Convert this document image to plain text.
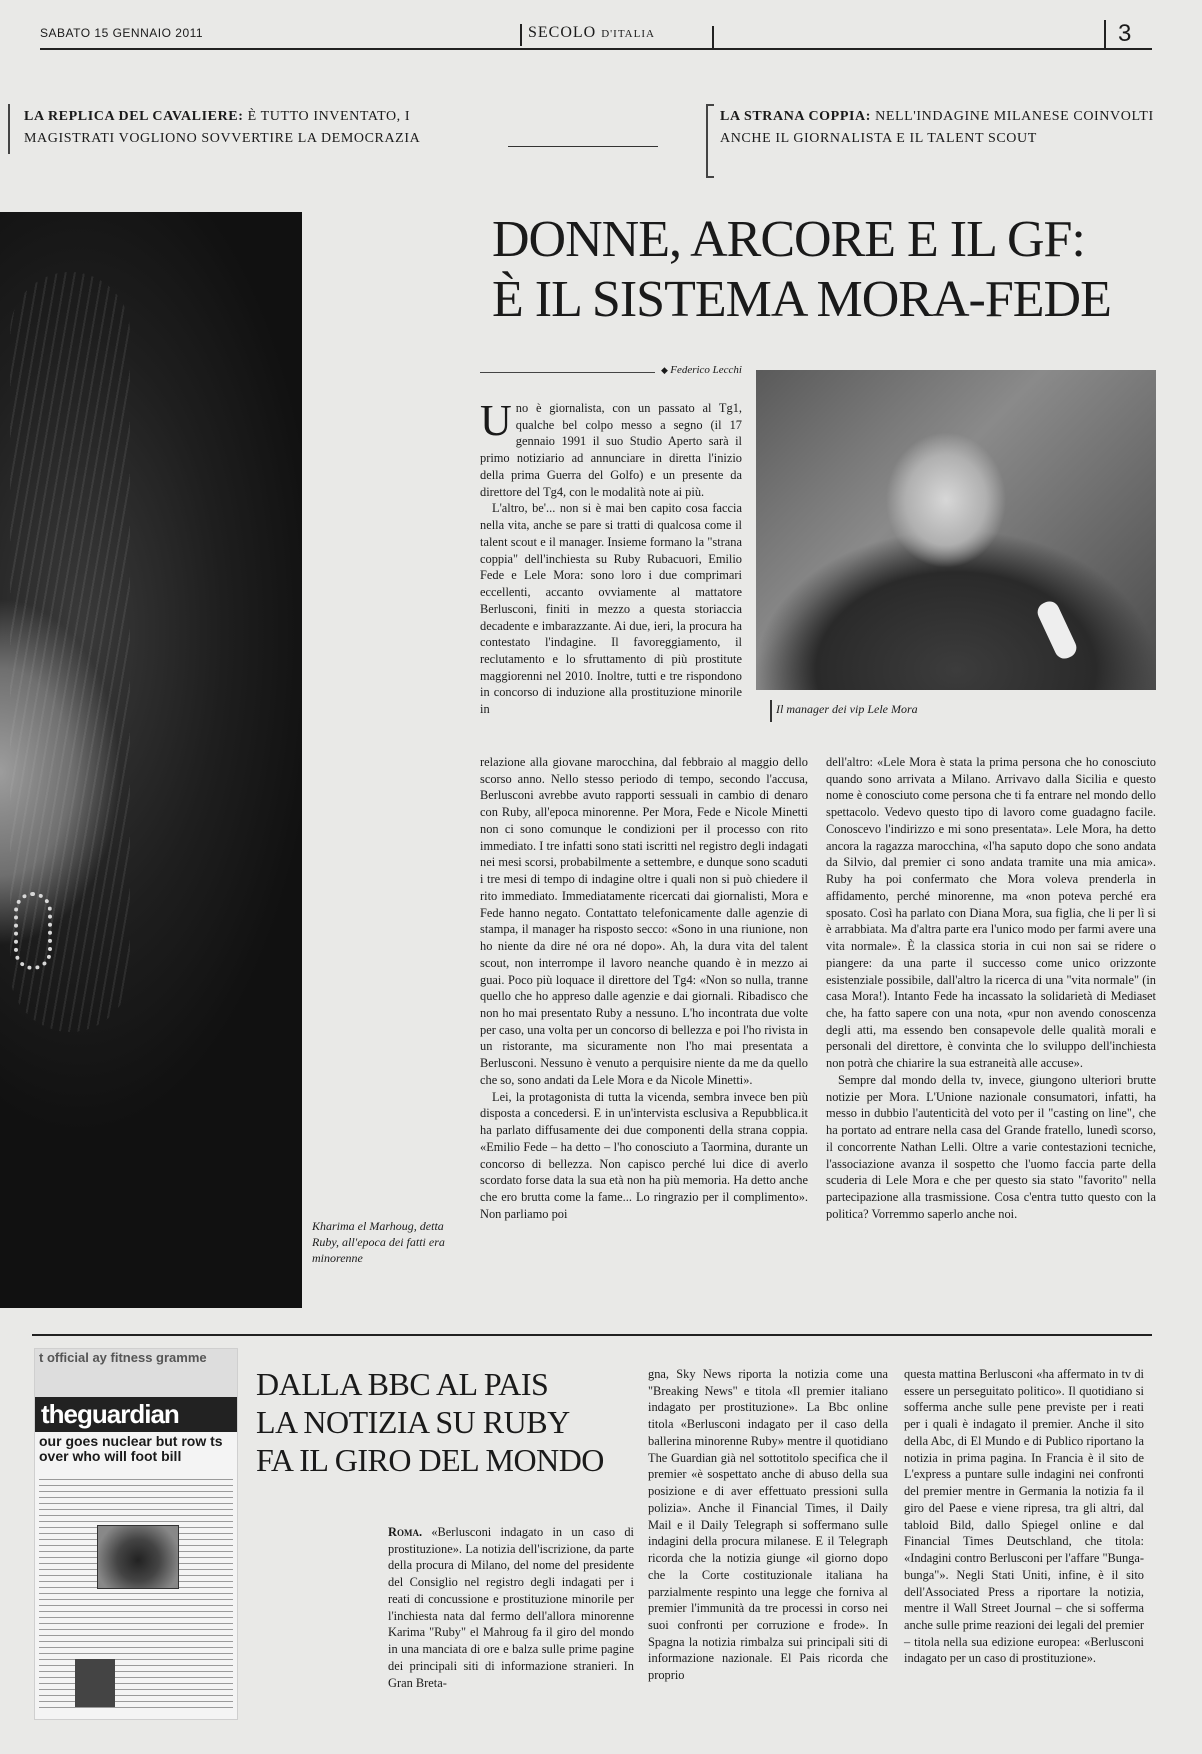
SABATO 15 GENNAIO 2011	SECOLO D'ITALIA	3
LA REPLICA DEL CAVALIERE: È TUTTO INVENTATO, I MAGISTRATI VOGLIONO SOVVERTIRE LA DEMOCRAZIA
LA STRANA COPPIA: NELL'INDAGINE MILANESE COINVOLTI ANCHE IL GIORNALISTA E IL TALENT SCOUT
Kharima el Marhoug, detta Ruby, all'epoca dei fatti era minorenne
DONNE, ARCORE E IL GF:
È IL SISTEMA MORA-FEDE
◆ Federico Lecchi
Il manager dei vip Lele Mora

Uno è giornalista, con un passato al Tg1, qualche bel colpo messo a segno (il 17 gennaio 1991 il suo Studio Aperto sarà il primo notiziario ad annunciare in diretta l'inizio della prima Guerra del Golfo) e un presente da direttore del Tg4, con le modalità note ai più.

L'altro, be'... non si è mai ben capito cosa faccia nella vita, anche se pare si tratti di qualcosa come il talent scout e il manager. Insieme formano la "strana coppia" dell'inchiesta su Ruby Rubacuori, Emilio Fede e Lele Mora: sono loro i due comprimari eccellenti, accanto ovviamente al mattatore Berlusconi, finiti in mezzo a questa storiaccia decadente e imbarazzante. Ai due, ieri, la procura ha contestato l'indagine. Il favoreggiamento, il reclutamento e lo sfruttamento di più prostitute maggiorenni nel 2010. Inoltre, tutti e tre rispondono in concorso di induzione alla prostituzione minorile in

relazione alla giovane marocchina, dal febbraio al maggio dello scorso anno. Nello stesso periodo di tempo, secondo l'accusa, Berlusconi avrebbe avuto rapporti sessuali in cambio di denaro con Ruby, all'epoca minorenne. Per Mora, Fede e Nicole Minetti non ci sono comunque le condizioni per il processo con rito immediato. I tre infatti sono stati iscritti nel registro degli indagati nei mesi scorsi, probabilmente a settembre, e dunque sono scaduti i tre mesi di tempo di indagine oltre i quali non si può chiedere il rito immediato. Immediatamente ricercati dai giornalisti, Mora e Fede hanno negato. Contattato telefonicamente dalle agenzie di stampa, il manager ha risposto secco: «Sono in una riunione, non ho niente da dire né ora né dopo». Ah, la dura vita del talent scout, non interrompe il lavoro neanche quando è in mezzo ai guai. Poco più loquace il direttore del Tg4: «Non so nulla, tranne quello che ho appreso dalle agenzie e dai giornali. Ribadisco che non ho mai presentato Ruby a nessuno. L'ho incontrata due volte per caso, una volta per un concorso di bellezza e poi l'ho rivista in un ristorante, ma sicuramente non l'ho mai presentata a Berlusconi. Nessuno è venuto a perquisire niente da me da quello che so, sono andati da Lele Mora e da Nicole Minetti».

Lei, la protagonista di tutta la vicenda, sembra invece ben più disposta a concedersi. E in un'intervista esclusiva a Repubblica.it ha parlato diffusamente dei due componenti della strana coppia. «Emilio Fede – ha detto – l'ho conosciuto a Taormina, durante un concorso di bellezza. Non capisco perché lui dice di averlo scordato forse data la sua età non ha più memoria. Ha detto anche che ero brutta come la fame... Lo ringrazio per il complimento». Non parliamo poi

dell'altro: «Lele Mora è stata la prima persona che ho conosciuto quando sono arrivata a Milano. Arrivavo dalla Sicilia e questo nome è conosciuto come persona che ti fa entrare nel mondo dello spettacolo. Vedevo questo tipo di lavoro come guadagno facile. Conoscevo l'indirizzo e mi sono presentata». Lele Mora, ha detto ancora la ragazza marocchina, «l'ha saputo dopo che sono andata da Silvio, dal premier ci sono andata tramite una mia amica». Ruby ha poi confermato che Mora voleva prenderla in affidamento, perché minorenne, ma «non poteva perché era sposato. Così ha parlato con Diana Mora, sua figlia, che li per lì si è arrabbiata. Ma d'altra parte era l'unico modo per farmi avere una vita normale». È la classica storia in cui non sai se ridere o piangere: da una parte il successo come unico orizzonte esistenziale possibile, dall'altro la ricerca di una "vita normale" (in casa Mora!). Intanto Fede ha incassato la solidarietà di Mediaset che, ha fatto sapere con una nota, «pur non avendo conoscenza degli atti, ma essendo ben consapevole delle qualità morali e personali del direttore, è convinta che lo sviluppo dell'inchiesta non potrà che chiarire la sua estraneità alle accuse».

Sempre dal mondo della tv, invece, giungono ulteriori brutte notizie per Mora. L'Unione nazionale consumatori, infatti, ha messo in dubbio l'autenticità del voto per il "casting on line", che ha portato ad entrare nella casa del Grande fratello, lunedì scorso, il concorrente Nathan Lelli. Oltre a varie contestazioni tecniche, l'associazione avanza il sospetto che l'uomo faccia parte della scuderia di Lele Mora e che per questo sia stato "favorito" nella partecipazione alla trasmissione. Cosa c'entra tutto questo con la politica? Vorremmo saperlo anche noi.

t official ay fitness gramme
theguardian
our goes nuclear but row ts over who will foot bill
DALLA BBC AL PAIS
LA NOTIZIA SU RUBY
FA IL GIRO DEL MONDO

Roma. «Berlusconi indagato in un caso di prostituzione». La notizia dell'iscrizione, da parte della procura di Milano, del nome del presidente del Consiglio nel registro degli indagati per i reati di concussione e prostituzione minorile per l'inchiesta nata dal fermo dell'allora minorenne Karima "Ruby" el Mahroug fa il giro del mondo in una manciata di ore e balza sulle prime pagine dei principali siti di informazione stranieri. In Gran Breta-

gna, Sky News riporta la notizia come una "Breaking News" e titola «Il premier italiano indagato per prostituzione». La Bbc online titola «Berlusconi indagato per il caso della ballerina minorenne Ruby» mentre il quotidiano The Guardian già nel sottotitolo specifica che il premier «è sospettato anche di abuso della sua posizione e di aver effettuato pressioni sulla polizia». Anche il Financial Times, il Daily Mail e il Daily Telegraph si soffermano sulle indagini della procura milanese. E il Telegraph ricorda che la notizia giunge «il giorno dopo che la Corte costituzionale italiana ha parzialmente respinto una legge che forniva al premier l'immunità da tre processi in corso nei suoi confronti per corruzione e frode». In Spagna la notizia rimbalza sui principali siti di informazione nazionale. El Pais ricorda che proprio

questa mattina Berlusconi «ha affermato in tv di essere un perseguitato politico». Il quotidiano si sofferma anche sulle pene previste per i reati per i quali è indagato il premier. Anche il sito della Abc, di El Mundo e di Publico riportano la notizia in prima pagina. In Francia è il sito de L'express a puntare sulle indagini nei confronti del premier mentre in Germania la notizia fa il giro del Paese e viene ripresa, tra gli altri, dal tabloid Bild, dallo Spiegel online e dal Financial Times Deutschland, che titola: «Indagini contro Berlusconi per l'affare "Bunga-bunga"». Negli Stati Uniti, infine, è il sito dell'Associated Press a riportare la notizia, mentre il Wall Street Journal – che si sofferma anche sulle prime reazioni dei legali del premier – titola nella sua edizione europea: «Berlusconi indagato per un caso di prostituzione».
